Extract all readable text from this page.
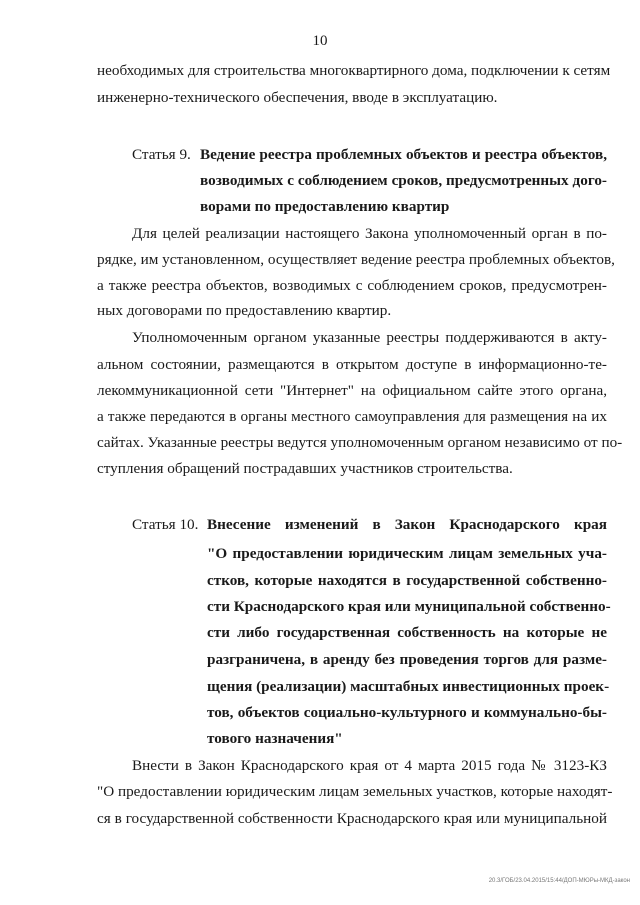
10
необходимых для строительства многоквартирного дома, подключении к сетям
инженерно-технического обеспечения, вводе в эксплуатацию.
Статья 9. Ведение реестра проблемных объектов и реестра объектов,
возводимых с соблюдением сроков, предусмотренных дого-
ворами по предоставлению квартир
Для целей реализации настоящего Закона уполномоченный орган в по-
рядке, им установленном, осуществляет ведение реестра проблемных объектов,
а также реестра объектов, возводимых с соблюдением сроков, предусмотрен-
ных договорами по предоставлению квартир.
Уполномоченным органом указанные реестры поддерживаются в акту-
альном состоянии, размещаются в открытом доступе в информационно-те-
лекоммуникационной сети "Интернет" на официальном сайте этого органа,
а также передаются в органы местного самоуправления для размещения на их
сайтах. Указанные реестры ведутся уполномоченным органом независимо от по-
ступления обращений пострадавших участников строительства.
Статья 10. Внесение изменений в Закон Краснодарского края
"О предоставлении юридическим лицам земельных уча-
стков, которые находятся в государственной собственно-
сти Краснодарского края или муниципальной собственно-
сти либо государственная собственность на которые не
разграничена, в аренду без проведения торгов для разме-
щения (реализации) масштабных инвестиционных проек-
тов, объектов социально-культурного и коммунально-бы-
тового назначения"
Внести в Закон Краснодарского края от 4 марта 2015 года № 3123-КЗ
"О предоставлении юридическим лицам земельных участков, которые находят-
ся в государственной собственности Краснодарского края или муниципальной
20.3/ГОБ/23.04.2015/15:44/ДОП-МЮРы-МКД-закон
